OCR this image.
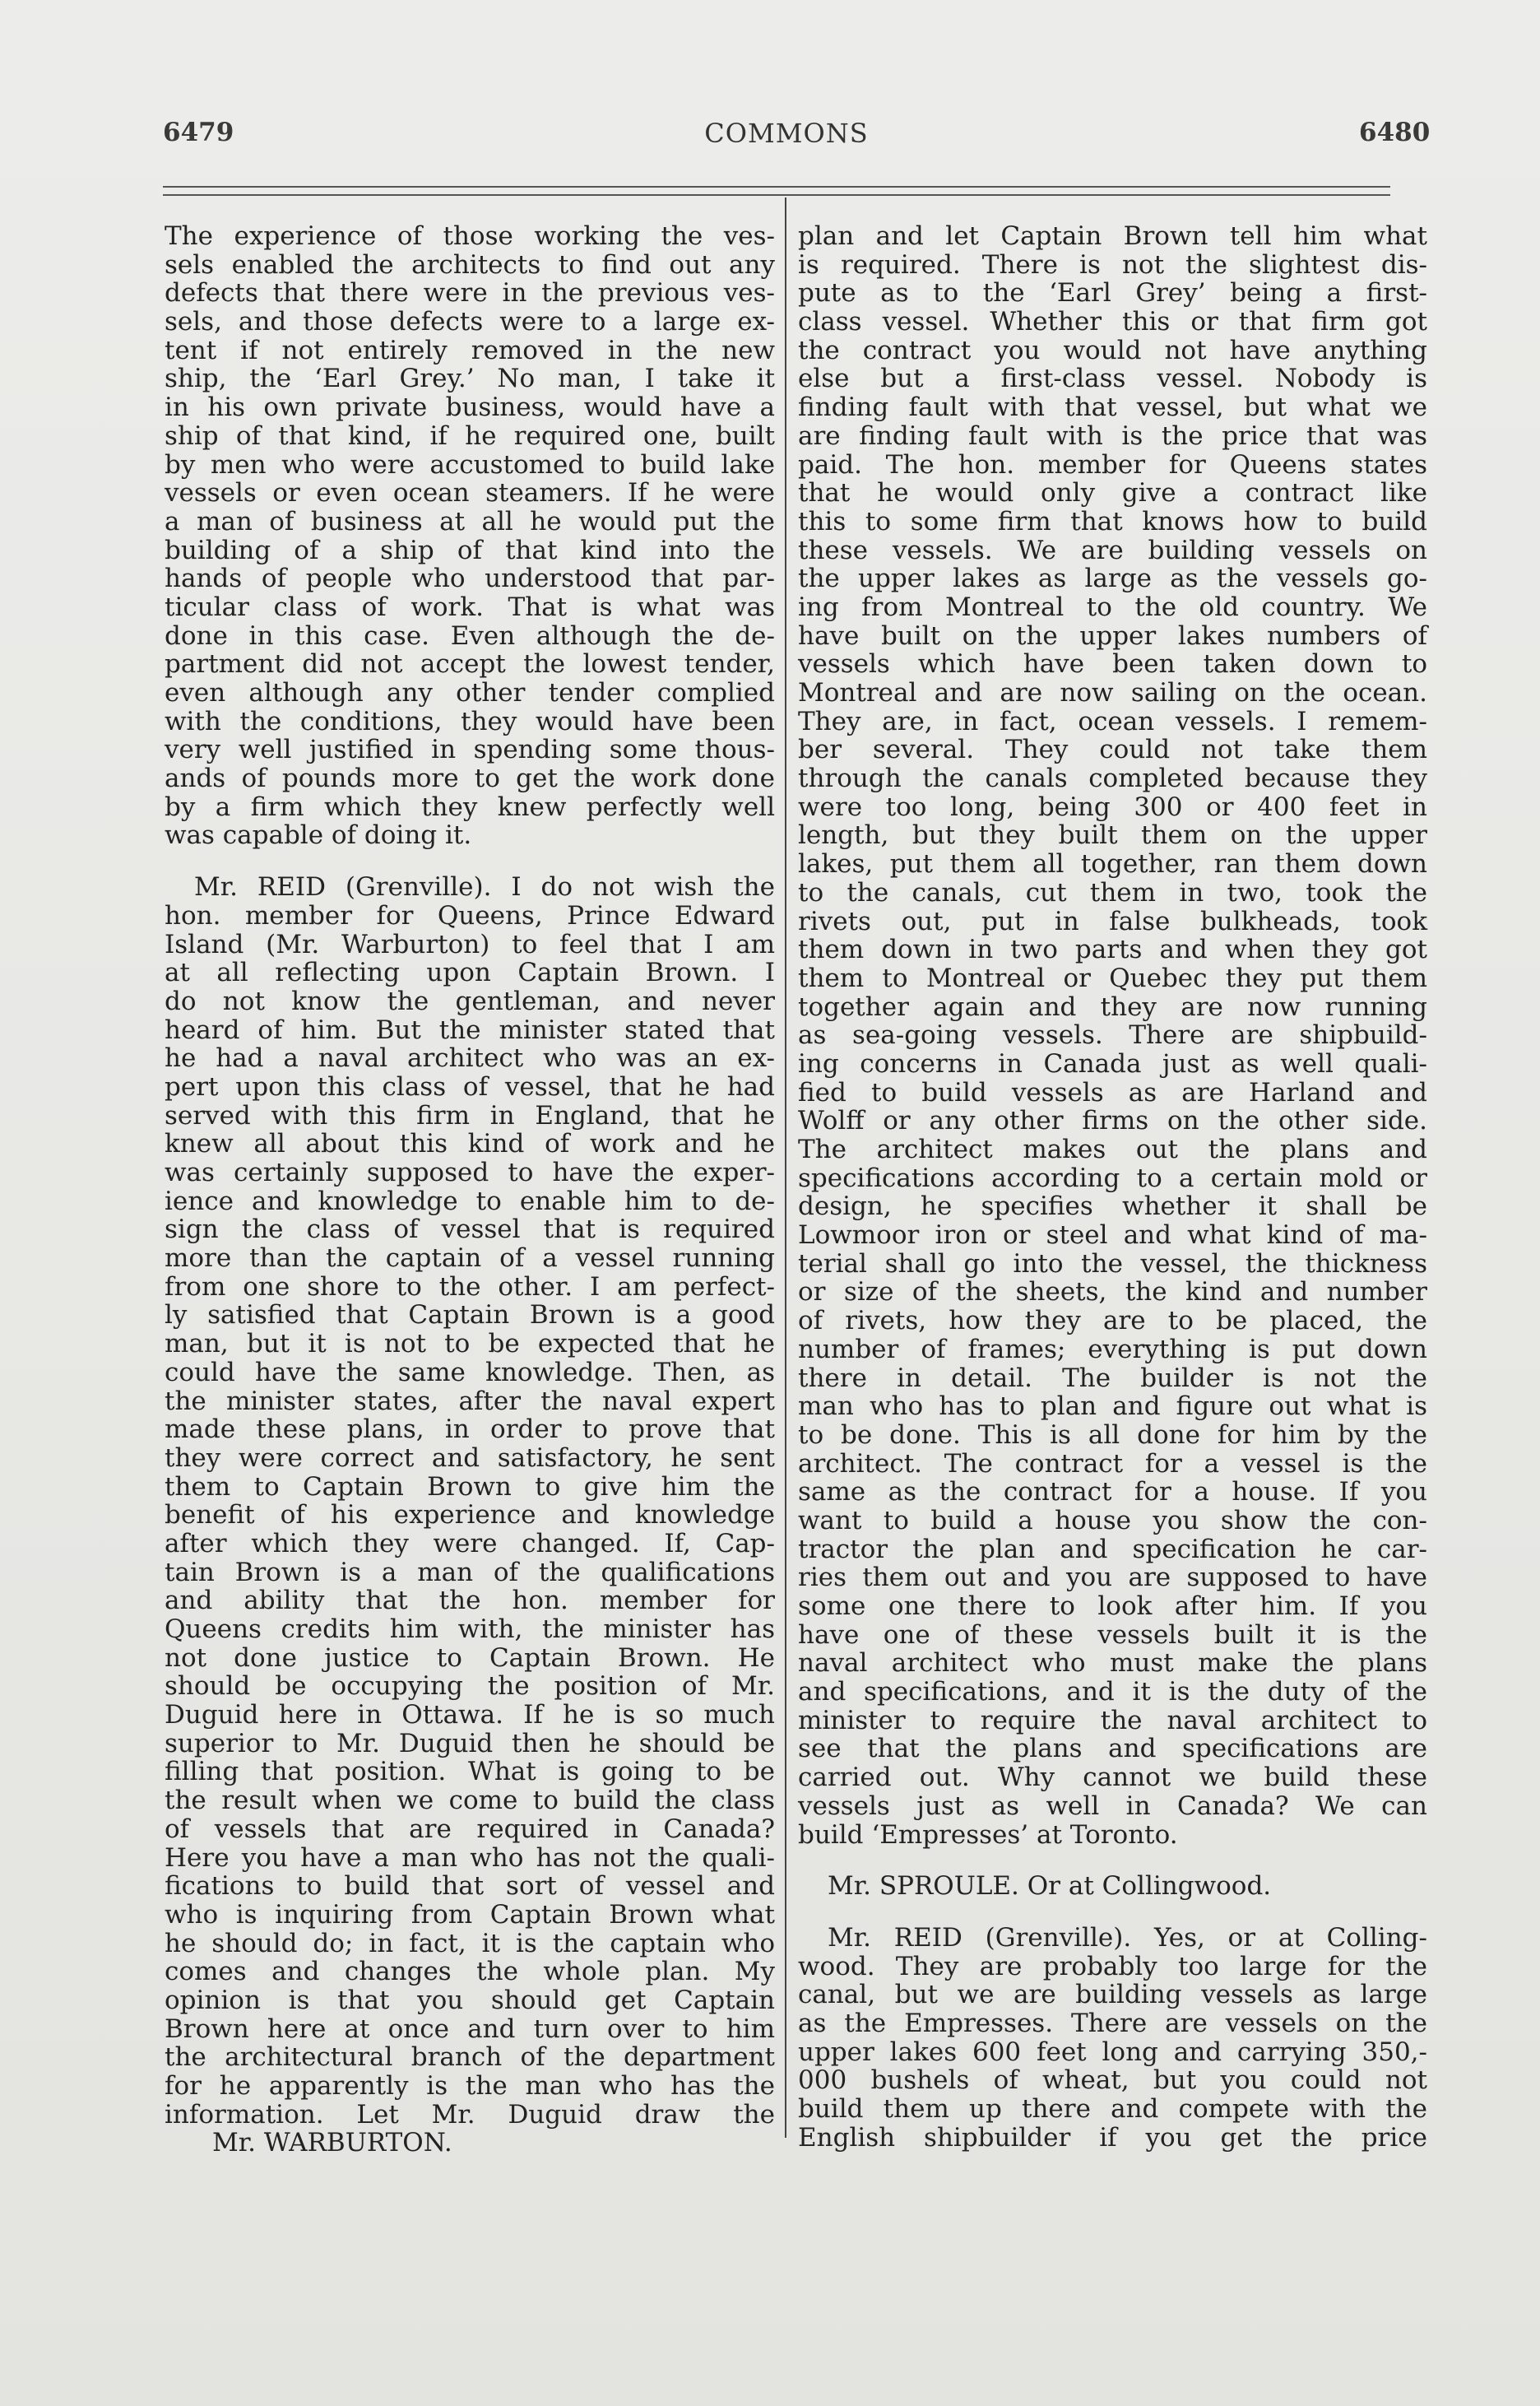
6479	COMMONS	6480
The experience of those working the ves-
sels enabled the architects to find out any
defects that there were in the previous ves-
sels, and those defects were to a large ex-
tent if not entirely removed in the new
ship, the ‘Earl Grey.’ No man, I take it
in his own private business, would have a
ship of that kind, if he required one, built
by men who were accustomed to build lake
vessels or even ocean steamers. If he were
a man of business at all he would put the
building of a ship of that kind into the
hands of people who understood that par-
ticular class of work. That is what was
done in this case. Even although the de-
partment did not accept the lowest tender,
even although any other tender complied
with the conditions, they would have been
very well justified in spending some thous-
ands of pounds more to get the work done
by a firm which they knew perfectly well
was capable of doing it.
Mr. REID (Grenville). I do not wish the
hon. member for Queens, Prince Edward
Island (Mr. Warburton) to feel that I am
at all reflecting upon Captain Brown. I
do not know the gentleman, and never
heard of him. But the minister stated that
he had a naval architect who was an ex-
pert upon this class of vessel, that he had
served with this firm in England, that he
knew all about this kind of work and he
was certainly supposed to have the exper-
ience and knowledge to enable him to de-
sign the class of vessel that is required
more than the captain of a vessel running
from one shore to the other. I am perfect-
ly satisfied that Captain Brown is a good
man, but it is not to be expected that he
could have the same knowledge. Then, as
the minister states, after the naval expert
made these plans, in order to prove that
they were correct and satisfactory, he sent
them to Captain Brown to give him the
benefit of his experience and knowledge
after which they were changed. If, Cap-
tain Brown is a man of the qualifications
and ability that the hon. member for
Queens credits him with, the minister has
not done justice to Captain Brown. He
should be occupying the position of Mr.
Duguid here in Ottawa. If he is so much
superior to Mr. Duguid then he should be
filling that position. What is going to be
the result when we come to build the class
of vessels that are required in Canada?
Here you have a man who has not the quali-
fications to build that sort of vessel and
who is inquiring from Captain Brown what
he should do; in fact, it is the captain who
comes and changes the whole plan. My
opinion is that you should get Captain
Brown here at once and turn over to him
the architectural branch of the department
for he apparently is the man who has the
information. Let Mr. Duguid draw the
Mr. WARBURTON.
plan and let Captain Brown tell him what
is required. There is not the slightest dis-
pute as to the ‘Earl Grey’ being a first-
class vessel. Whether this or that firm got
the contract you would not have anything
else but a first-class vessel. Nobody is
finding fault with that vessel, but what we
are finding fault with is the price that was
paid. The hon. member for Queens states
that he would only give a contract like
this to some firm that knows how to build
these vessels. We are building vessels on
the upper lakes as large as the vessels go-
ing from Montreal to the old country. We
have built on the upper lakes numbers of
vessels which have been taken down to
Montreal and are now sailing on the ocean.
They are, in fact, ocean vessels. I remem-
ber several. They could not take them
through the canals completed because they
were too long, being 300 or 400 feet in
length, but they built them on the upper
lakes, put them all together, ran them down
to the canals, cut them in two, took the
rivets out, put in false bulkheads, took
them down in two parts and when they got
them to Montreal or Quebec they put them
together again and they are now running
as sea-going vessels. There are shipbuild-
ing concerns in Canada just as well quali-
fied to build vessels as are Harland and
Wolff or any other firms on the other side.
The architect makes out the plans and
specifications according to a certain mold or
design, he specifies whether it shall be
Lowmoor iron or steel and what kind of ma-
terial shall go into the vessel, the thickness
or size of the sheets, the kind and number
of rivets, how they are to be placed, the
number of frames; everything is put down
there in detail. The builder is not the
man who has to plan and figure out what is
to be done. This is all done for him by the
architect. The contract for a vessel is the
same as the contract for a house. If you
want to build a house you show the con-
tractor the plan and specification he car-
ries them out and you are supposed to have
some one there to look after him. If you
have one of these vessels built it is the
naval architect who must make the plans
and specifications, and it is the duty of the
minister to require the naval architect to
see that the plans and specifications are
carried out. Why cannot we build these
vessels just as well in Canada? We can
build ‘Empresses’ at Toronto.
Mr. SPROULE. Or at Collingwood.
Mr. REID (Grenville). Yes, or at Colling-
wood. They are probably too large for the
canal, but we are building vessels as large
as the Empresses. There are vessels on the
upper lakes 600 feet long and carrying 350,-
000 bushels of wheat, but you could not
build them up there and compete with the
English shipbuilder if you get the price
